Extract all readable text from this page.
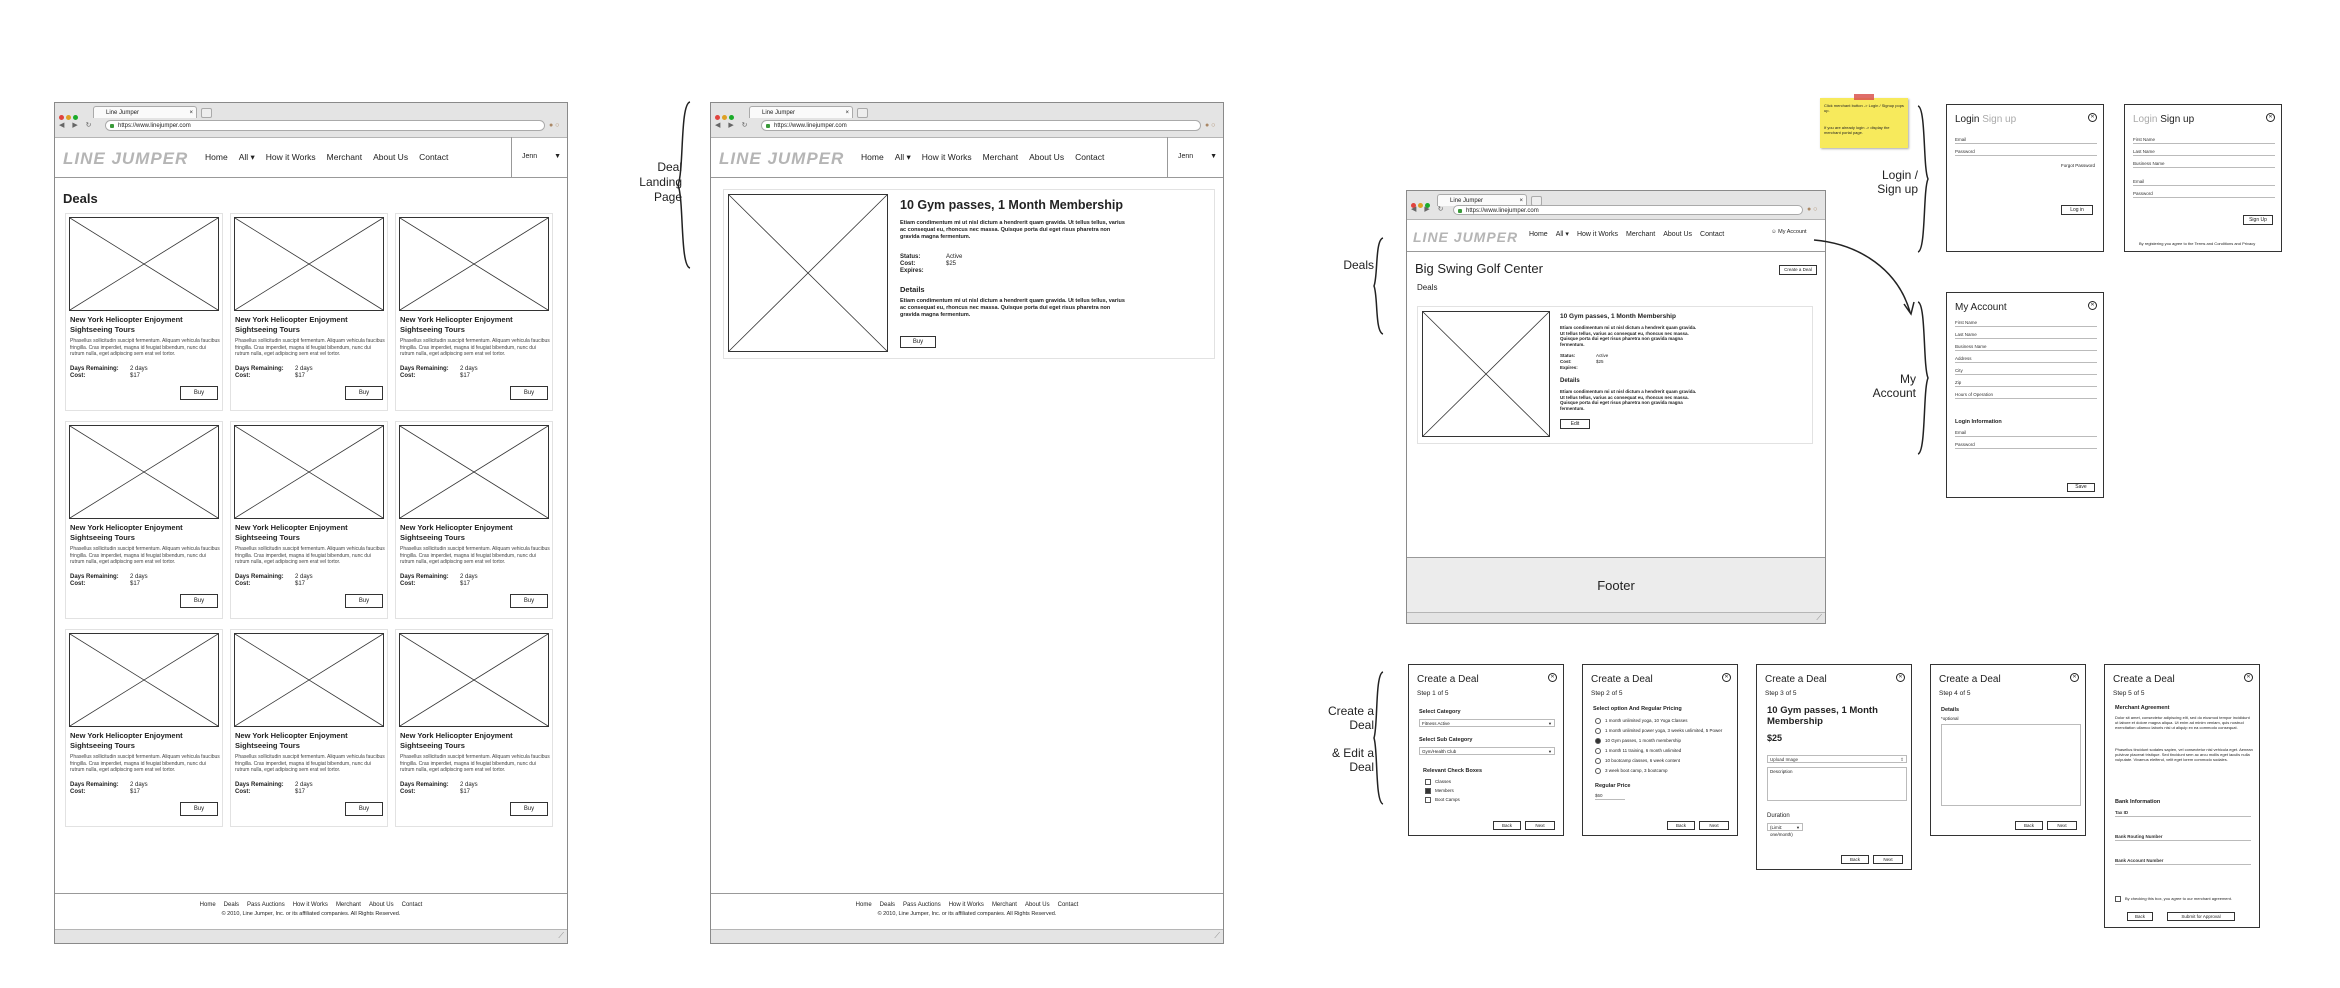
Line Jumper	×
◀ ▶ ↻	https://www.linejumper.com	● ○
LINE JUMPER Home All ▾ How it Works Merchant About Us Contact	Jenn ▼
Deals
New York Helicopter Enjoyment Sightseeing Tours
Phasellus sollicitudin suscipit fermentum. Aliquam vehicula faucibus fringilla. Cras imperdiet, magna id feugiat bibendum, nunc dui rutrum nulla, eget adipiscing sem erat vel tortor.
Days Remaining: 2 days
Cost:	$17
Buy
New York Helicopter Enjoyment Sightseeing Tours
Phasellus sollicitudin suscipit fermentum. Aliquam vehicula faucibus fringilla. Cras imperdiet, magna id feugiat bibendum, nunc dui rutrum nulla, eget adipiscing sem erat vel tortor.
Days Remaining: 2 days
Cost:	$17
Buy
New York Helicopter Enjoyment Sightseeing Tours
Phasellus sollicitudin suscipit fermentum. Aliquam vehicula faucibus fringilla. Cras imperdiet, magna id feugiat bibendum, nunc dui rutrum nulla, eget adipiscing sem erat vel tortor.
Days Remaining: 2 days
Cost:	$17
Buy
New York Helicopter Enjoyment Sightseeing Tours
Phasellus sollicitudin suscipit fermentum. Aliquam vehicula faucibus fringilla. Cras imperdiet, magna id feugiat bibendum, nunc dui rutrum nulla, eget adipiscing sem erat vel tortor.
Days Remaining: 2 days
Cost:	$17
Buy
New York Helicopter Enjoyment Sightseeing Tours
Phasellus sollicitudin suscipit fermentum. Aliquam vehicula faucibus fringilla. Cras imperdiet, magna id feugiat bibendum, nunc dui rutrum nulla, eget adipiscing sem erat vel tortor.
Days Remaining: 2 days
Cost:	$17
Buy
New York Helicopter Enjoyment Sightseeing Tours
Phasellus sollicitudin suscipit fermentum. Aliquam vehicula faucibus fringilla. Cras imperdiet, magna id feugiat bibendum, nunc dui rutrum nulla, eget adipiscing sem erat vel tortor.
Days Remaining: 2 days
Cost:	$17
Buy
New York Helicopter Enjoyment Sightseeing Tours
Phasellus sollicitudin suscipit fermentum. Aliquam vehicula faucibus fringilla. Cras imperdiet, magna id feugiat bibendum, nunc dui rutrum nulla, eget adipiscing sem erat vel tortor.
Days Remaining: 2 days
Cost:	$17
Buy
New York Helicopter Enjoyment Sightseeing Tours
Phasellus sollicitudin suscipit fermentum. Aliquam vehicula faucibus fringilla. Cras imperdiet, magna id feugiat bibendum, nunc dui rutrum nulla, eget adipiscing sem erat vel tortor.
Days Remaining: 2 days
Cost:	$17
Buy
New York Helicopter Enjoyment Sightseeing Tours
Phasellus sollicitudin suscipit fermentum. Aliquam vehicula faucibus fringilla. Cras imperdiet, magna id feugiat bibendum, nunc dui rutrum nulla, eget adipiscing sem erat vel tortor.
Days Remaining: 2 days
Cost:	$17
Buy
Home Deals Pass Auctions How it Works Merchant About Us Contact
© 2010, Line Jumper, Inc. or its affiliated companies. All Rights Reserved.
⟋
Deal
Landing
Page
Line Jumper	×
◀ ▶ ↻	https://www.linejumper.com	● ○
LINE JUMPER Home All ▾ How it Works Merchant About Us Contact	Jenn ▼
10 Gym passes, 1 Month Membership
Etiam condimentum mi ut nisl dictum a hendrerit quam gravida. Ut tellus tellus, varius ac consequat eu, rhoncus nec massa. Quisque porta dui eget risus pharetra non gravida magna fermentum.
Status:	Active
Cost:	$25
Expires:
Details
Etiam condimentum mi ut nisl dictum a hendrerit quam gravida. Ut tellus tellus, varius ac consequat eu, rhoncus nec massa. Quisque porta dui eget risus pharetra non gravida magna fermentum.
Buy
Home Deals Pass Auctions How it Works Merchant About Us Contact
© 2010, Line Jumper, Inc. or its affiliated companies. All Rights Reserved.
⟋
Deals
Line Jumper	×
◀ ▶ ↻	https://www.linejumper.com	● ○
LINE JUMPER Home All ▾ How it Works Merchant About Us Contact	☺ My Account
Big Swing Golf Center	Create a Deal
Deals
10 Gym passes, 1 Month Membership
Etiam condimentum mi ut nisl dictum a hendrerit quam gravida. Ut tellus tellus, varius ac consequat eu, rhoncus nec massa. Quisque porta dui eget risus pharetra non gravida magna fermentum.
Status:	Active
Cost:	$25
Expires:
Details
Etiam condimentum mi ut nisl dictum a hendrerit quam gravida. Ut tellus tellus, varius ac consequat eu, rhoncus nec massa. Quisque porta dui eget risus pharetra non gravida magna fermentum.
Edit
Footer
⟋
Click merchant button -> Login / Signup pops up.
If you are already login -> display the merchant portal page.
Login /
Sign up
Login Sign up	✕
Email
Password
Forgot Password
Log in
Login Sign up	✕
First Name
Last Name
Business Name
Email
Password
Sign Up
By registering you agree to the Terms and Conditions and Privacy
My
Account
My Account	✕
First Name
Last Name
Business Name
Address
City
Zip
Hours of Operation
Login Information
Email
Password
Save
Create a
Deal

& Edit a
Deal
Create a Deal	✕
Step 1 of 5
Select Category
Fitness Active ▼
Select Sub Category
Gym/Health Club ▼
Relevant Check Boxes
Classes
Members
Boot Camps
Back	Next
Create a Deal	✕
Step 2 of 5
Select option And Regular Pricing
1 month unlimited yoga, 10 Yoga Classes
1 month unlimited power yoga, 3 weeks unlimited, 5 Power
10 Gym passes, 1 month membership
1 month 11 training, 6 month unlimited
10 bootcamp classes, 6 week content
3 week boot camp, 3 bootcamp
Regular Price
$60
Back	Next
Create a Deal	✕
Step 3 of 5
10 Gym passes, 1 Month Membership
$25
Upload Image	⇪
Description
Duration
(Limit: one/month) ▼
Back	Next
Create a Deal	✕
Step 4 of 5
Details
*optional
Back	Next
Create a Deal	✕
Step 5 of 5
Merchant Agreement
Dolor sit amet, consectetur adipiscing elit, sed do eiusmod tempor incididunt ut labore et dolore magna aliqua. Ut enim ad minim veniam, quis nostrud exercitation ullamco laboris nisi ut aliquip ex ea commodo consequat.
Phasellus tincidunt sodales sapien, vel consectetur nisl vehicula eget. Aenean pulvinar placerat tristique. Sed tincidunt sem ac arcu mollis eget iaculis nulla vulputate. Vivamus eleifend, velit eget lorem commodo sodales.
Bank Information
Tax ID
Bank Routing Number
Bank Account Number
By checking this box, you agree to our merchant agreement.
Back	Submit for Approval
